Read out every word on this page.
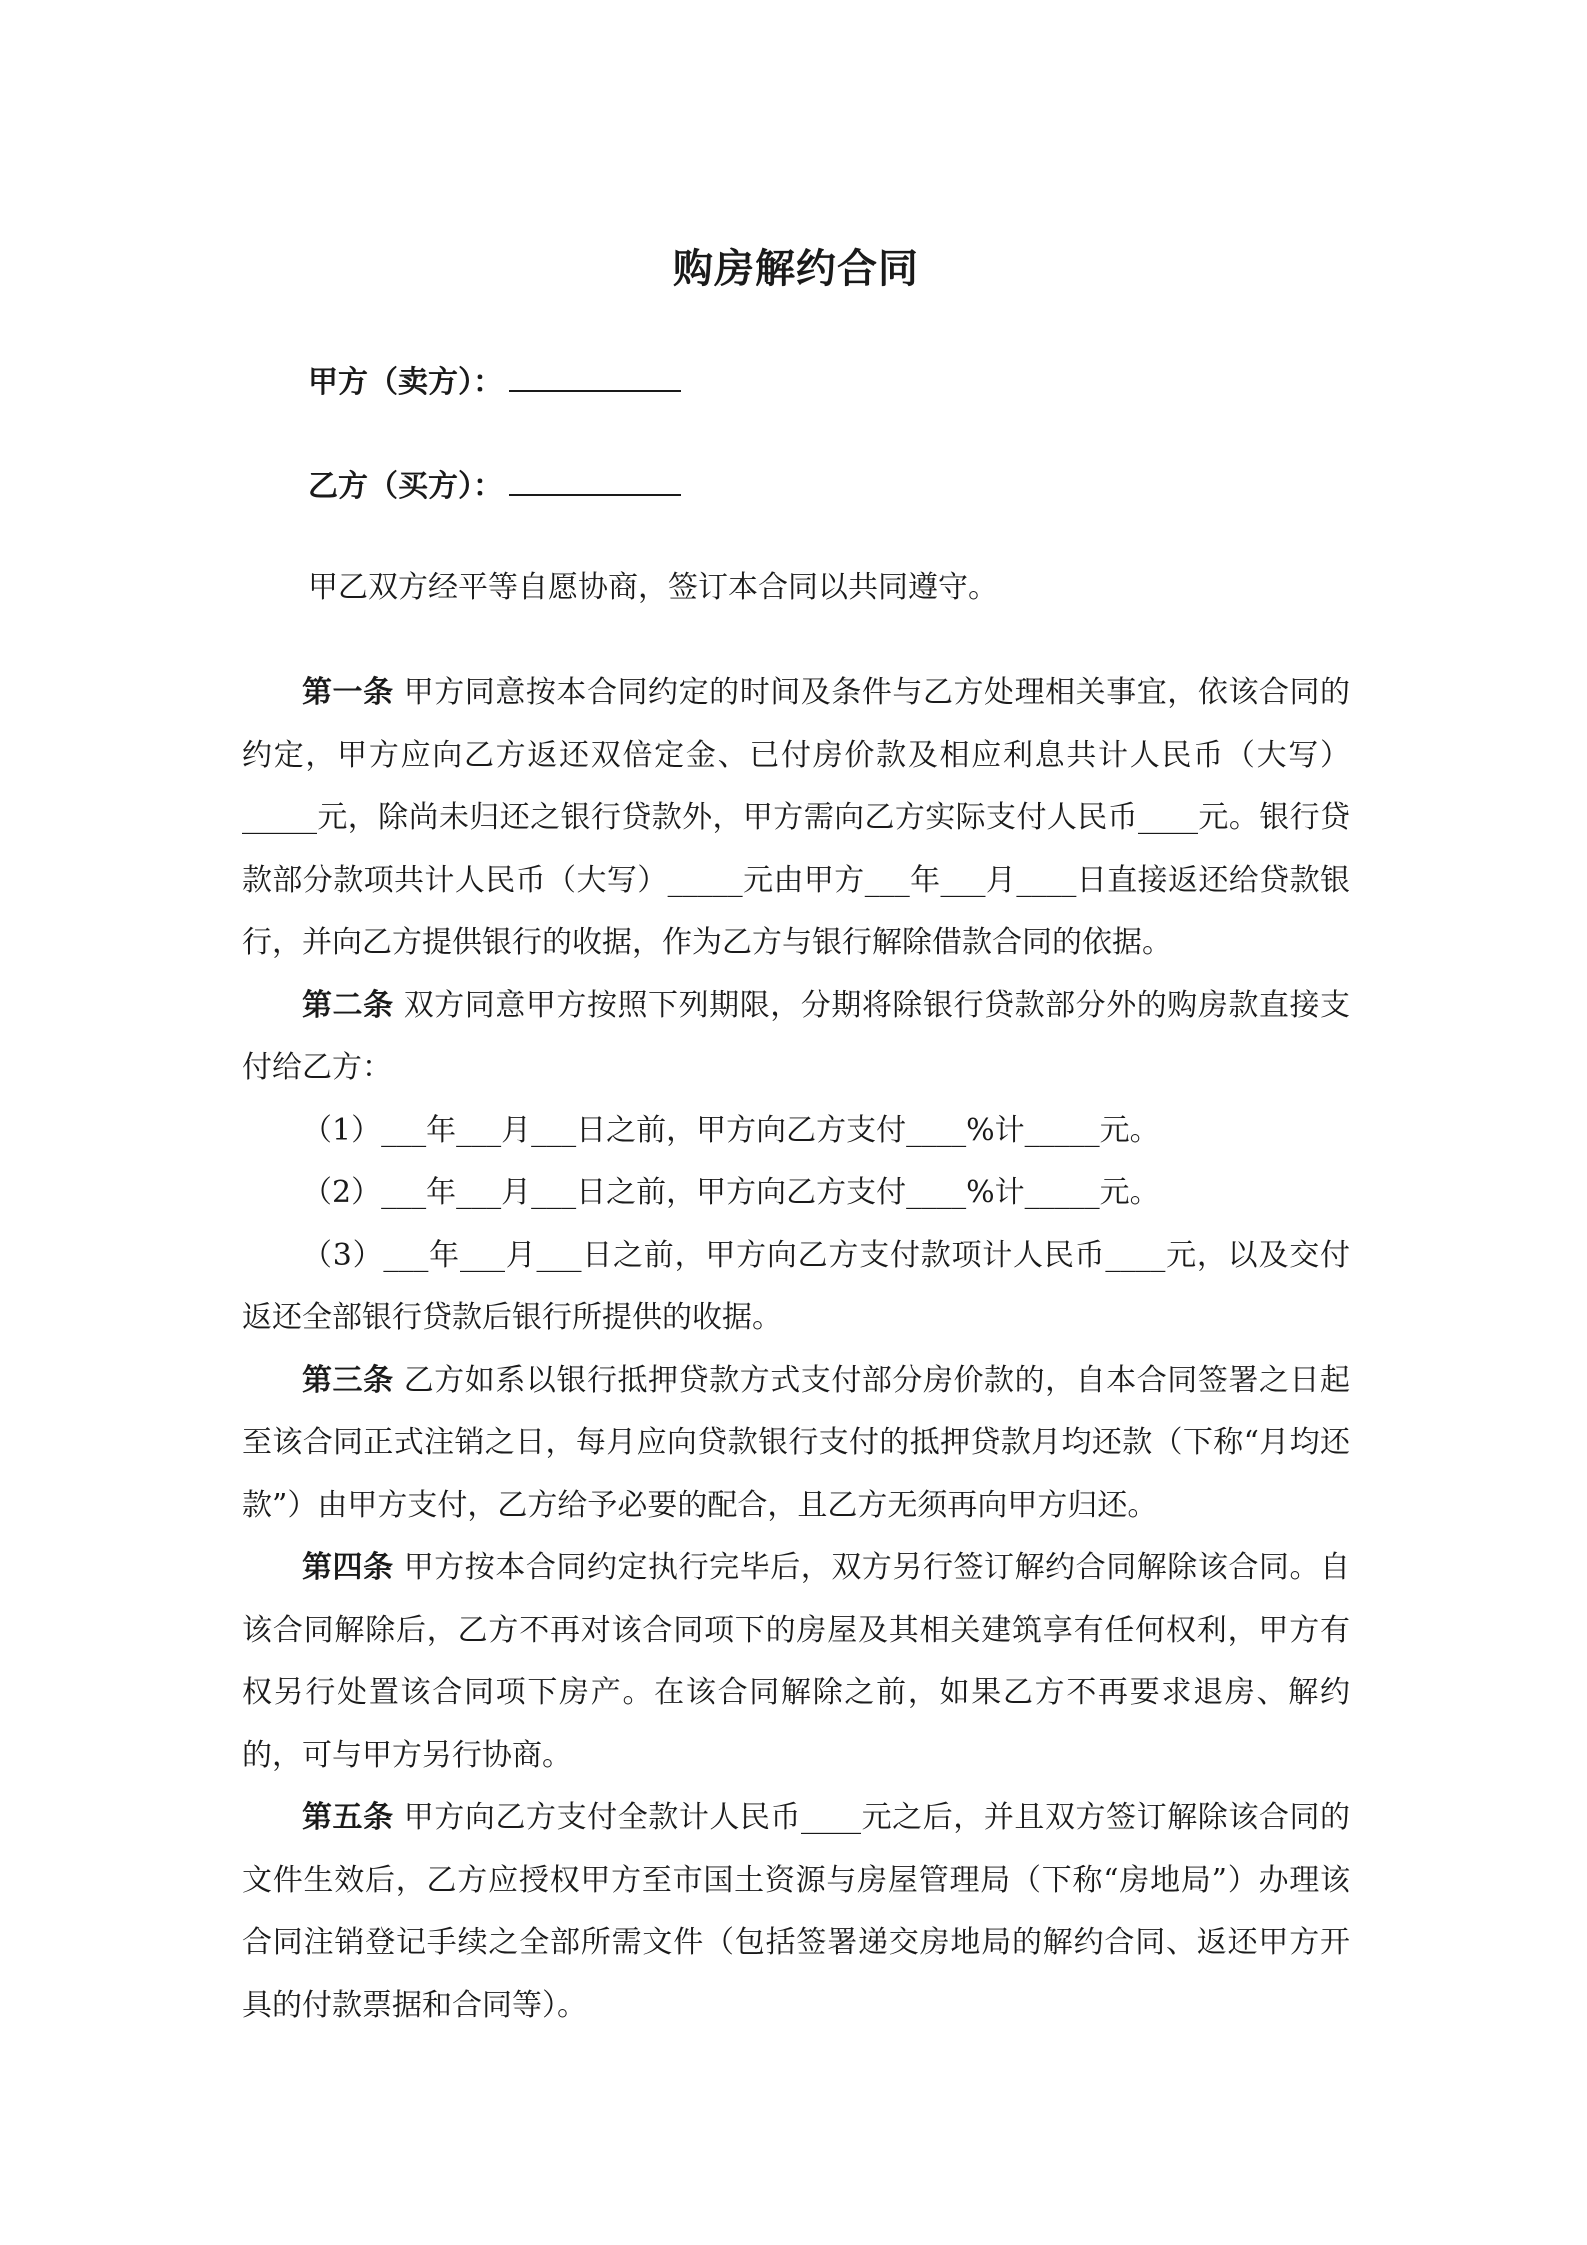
购房解约合同
甲方（卖方）：
乙方（买方）：
甲乙双方经平等自愿协商，签订本合同以共同遵守。

第一条 甲方同意按本合同约定的时间及条件与乙方处理相关事宜，依该合同的约定，甲方应向乙方返还双倍定金、已付房价款及相应利息共计人民币（大写）_____元，除尚未归还之银行贷款外，甲方需向乙方实际支付人民币____元。银行贷款部分款项共计人民币（大写）_____元由甲方___年___月____日直接返还给贷款银行，并向乙方提供银行的收据，作为乙方与银行解除借款合同的依据。

第二条 双方同意甲方按照下列期限，分期将除银行贷款部分外的购房款直接支付给乙方：

（1）___年___月___日之前，甲方向乙方支付____%计_____元。

（2）___年___月___日之前，甲方向乙方支付____%计_____元。

（3）___年___月___日之前，甲方向乙方支付款项计人民币____元，以及交付返还全部银行贷款后银行所提供的收据。

第三条 乙方如系以银行抵押贷款方式支付部分房价款的，自本合同签署之日起至该合同正式注销之日，每月应向贷款银行支付的抵押贷款月均还款（下称“月均还款”）由甲方支付，乙方给予必要的配合，且乙方无须再向甲方归还。

第四条 甲方按本合同约定执行完毕后，双方另行签订解约合同解除该合同。自该合同解除后，乙方不再对该合同项下的房屋及其相关建筑享有任何权利，甲方有权另行处置该合同项下房产。在该合同解除之前，如果乙方不再要求退房、解约的，可与甲方另行协商。

第五条 甲方向乙方支付全款计人民币____元之后，并且双方签订解除该合同的文件生效后，乙方应授权甲方至市国土资源与房屋管理局（下称“房地局”）办理该合同注销登记手续之全部所需文件（包括签署递交房地局的解约合同、返还甲方开具的付款票据和合同等）。
